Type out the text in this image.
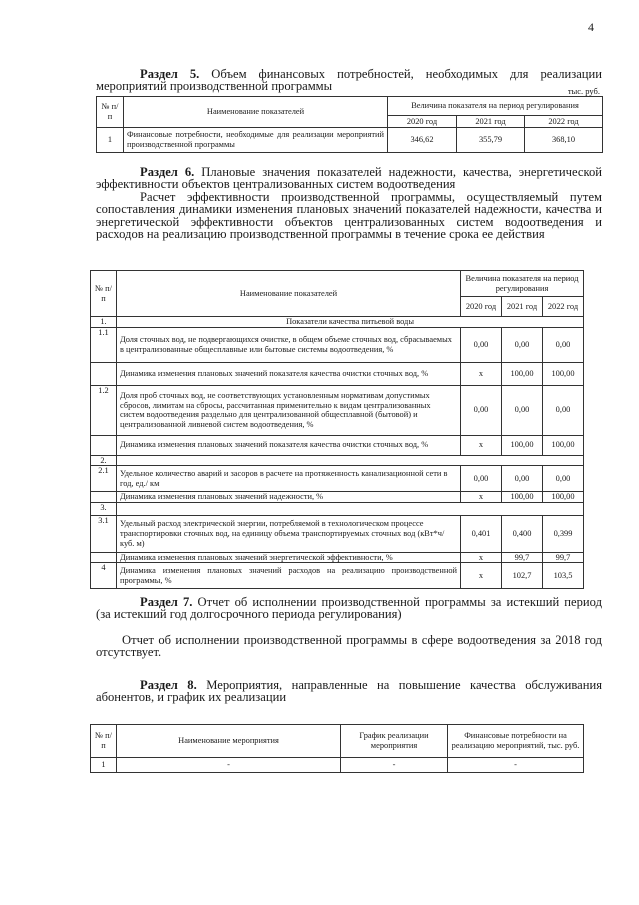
4
Раздел 5. Объем финансовых потребностей, необходимых для реализации мероприятий производственной программы	тыс. руб.
№ п/п	Наименование показателей	Величина показателя на период регулирования		
		2020 год	2021 год	2022 год
1	Финансовые потребности, необходимые для реализации мероприятий производственной программы	346,62	355,79	368,10
Раздел 6. Плановые значения показателей надежности, качества, энергетической эффективности объектов централизованных систем водоотведения
Расчет эффективности производственной программы, осуществляемый путем сопоставления динамики изменения плановых значений показателей надежности, качества и энергетической эффективности объектов централизованных систем водоотведения и расходов на реализацию производственной программы в течение срока ее действия
№ п/п	Наименование показателей	Величина показателя на период регулирования		
		2020 год	2021 год	2022 год
1.	Показатели качества питьевой воды			
1.1	Доля сточных вод, не подвергающихся очистке, в общем объеме сточных вод, сбрасываемых в централизованные общесплавные или бытовые системы водоотведения, %	0,00	0,00	0,00
	Динамика изменения плановых значений показателя качества очистки сточных вод, %	x	100,00	100,00
1.2	Доля проб сточных вод, не соответствующих установленным нормативам допустимых сбросов, лимитам на сбросы, рассчитанная применительно к видам централизованных систем водоотведения раздельно для централизованной общесплавной (бытовой) и централизованной ливневой систем водоотведения, %	0,00	0,00	0,00
	Динамика изменения плановых значений показателя качества очистки сточных вод, %	x	100,00	100,00
2.				
2.1	Удельное количество аварий и засоров в расчете на протяженность канализационной сети в год, ед./ км	0,00	0,00	0,00
	Динамика изменения плановых значений надежности, %	x	100,00	100,00
3.				
3.1	Удельный расход электрической энергии, потребляемой в технологическом процессе транспортировки сточных вод, на единицу объема транспортируемых сточных вод (кВт*ч/ куб. м)	0,401	0,400	0,399
	Динамика изменения плановых значений энергетической эффективности, %	x	99,7	99,7
4	Динамика изменения плановых значений расходов на реализацию производственной программы, %	x	102,7	103,5
Раздел 7. Отчет об исполнении производственной программы за истекший период (за истекший год долгосрочного периода регулирования)
Отчет об исполнении производственной программы в сфере водоотведения за 2018 год отсутствует.
Раздел 8. Мероприятия, направленные на повышение качества обслуживания абонентов, и график их реализации
№ п/п	Наименование мероприятия	График реализации мероприятия	Финансовые потребности на реализацию мероприятий, тыс. руб.
1	-	-	-
